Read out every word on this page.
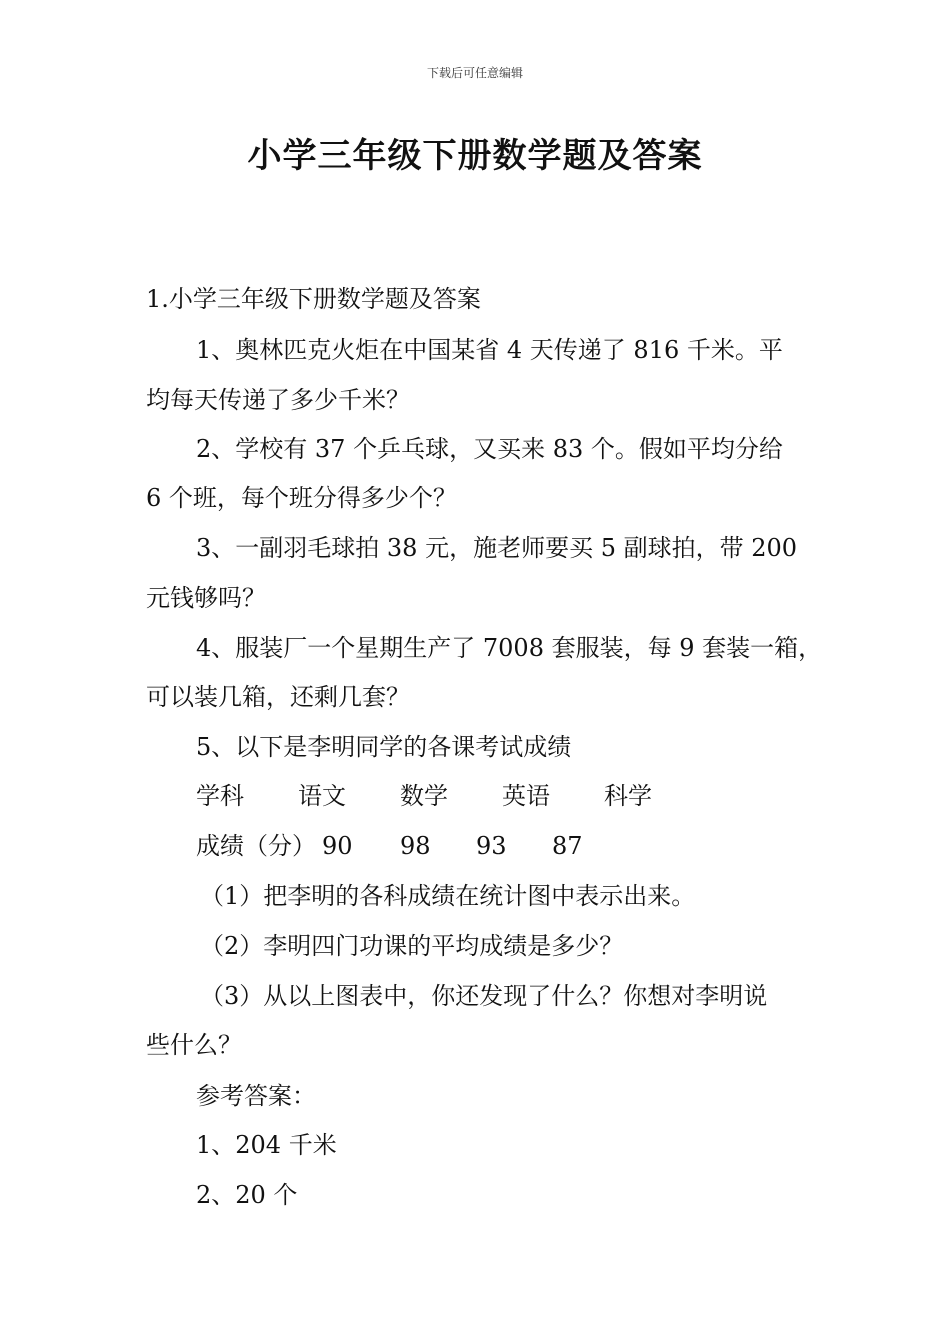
下载后可任意编辑
小学三年级下册数学题及答案
1.小学三年级下册数学题及答案
1、奥林匹克火炬在中国某省 4 天传递了 816 千米。平
均每天传递了多少千米？
2、学校有 37 个乒乓球，又买来 83 个。假如平均分给
6 个班，每个班分得多少个？
3、一副羽毛球拍 38 元，施老师要买 5 副球拍，带 200
元钱够吗？
4、服装厂一个星期生产了 7008 套服装，每 9 套装一箱，
可以装几箱，还剩几套？
5、以下是李明同学的各课考试成绩
学科 语文 数学 英语 科学
成绩（分） 90 98 93 87
（1）把李明的各科成绩在统计图中表示出来。
（2）李明四门功课的平均成绩是多少？
（3）从以上图表中，你还发现了什么？你想对李明说
些什么？
参考答案：
1、204 千米
2、20 个
